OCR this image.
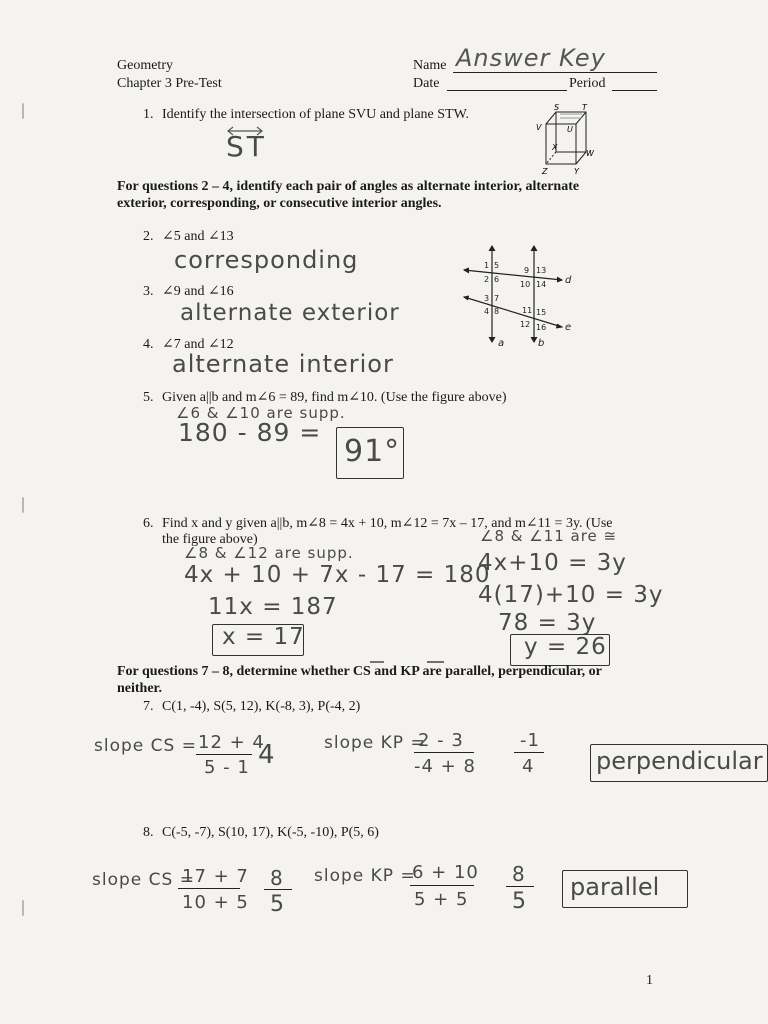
Geometry
Chapter 3 Pre-Test
Name Answer Key
Date	Period
1. Identify the intersection of plane SVU and plane STW.
ST
S	T
V	U
X
W
Z	Y
For questions 2 – 4, identify each pair of angles as alternate interior, alternate
exterior, corresponding, or consecutive interior angles.
2. ∠5 and ∠13
corresponding
3. ∠9 and ∠16
alternate exterior
4. ∠7 and ∠12
alternate interior
1 5
2 6
3 7
4 8
9 13
10 14
11 15
12 16
d
e
a	b
5. Given a||b and m∠6 = 89, find m∠10. (Use the figure above)
∠6 & ∠10 are supp.
180 - 89 =
91°
6. Find x and y given a||b, m∠8 = 4x + 10, m∠12 = 7x – 17, and m∠11 = 3y. (Use
the figure above)
∠8 & ∠12 are supp.
4x + 10 + 7x - 17 = 180
11x = 187
x = 17
∠8 & ∠11 are ≅
4x+10 = 3y
4(17)+10 = 3y
78 = 3y
y = 26
For questions 7 – 8, determine whether CS and KP are parallel, perpendicular, or
neither.
7. C(1, -4), S(5, 12), K(-8, 3), P(-4, 2)
slope CS = 12 + 4
5 - 1 4	slope KP =
2 - 3
-4 + 8
-1
4	perpendicular
8. C(-5, -7), S(10, 17), K(-5, -10), P(5, 6)
slope CS =
17 + 7
10 + 5
8
5
slope KP =
6 + 10
5 + 5
8
5
parallel
1
